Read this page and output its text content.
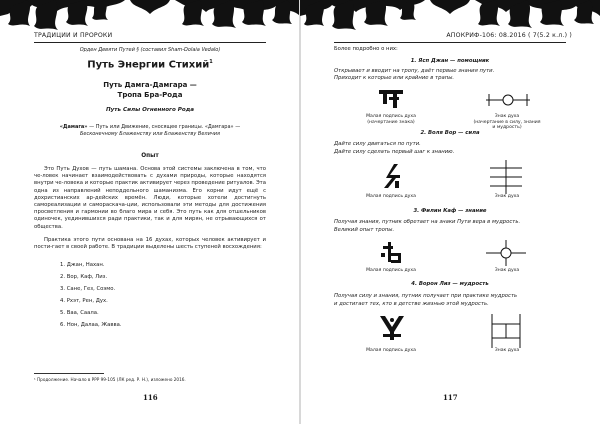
ТРАДИЦИИ И ПРОРОКИ
Орден Девяти Путей § (составил Sham-Dolaia Vedalo)
Путь Энергии Стихий$^1$
Путь Дамга-Дамгара —
Тропа Бра-Рода
Путь Силы Огненного Рода
«Дамага» — Путь или Движение, сносящее границы. «Дамгара» —
Бесконечному Блаженству или Блаженству Величия
Опыт
Это Путь Духов — путь шамана. Основа этой системы заключена в том, что че-ловек начинает взаимодействовать с духами природы, которые находятся внутри че-ловека и которые практик активирует через проведение ритуалов. Эта одна из направлений неподдельного шаманизма. Его корни идут ещё с дохристианских ар-дейских времён. Люди, которые хотели достигнуть самореализации и самораскача-ции, использовали эти методы для достижения просветления и гармонии во благо мира и себя. Это путь как для отшельников одиночек, уединившихся ради практики, так и для мирян, не отрывающихся от общества.
Практика этого пути основана на 16 духах, которых человек активирует и пости-гает в своей работе. В традиции выделены шесть ступеней восхождения:
1. Джан, Нахан.
2. Вор, Каф, Лиз.
3. Сане, Гез, Соэмо.
4. Рхэт, Рен, Дух.
5. Ваа, Саала.
6. Нон, Далаа, Жавва.
¹ Продолжение. Начало в РРР 99-105 (ЛК ред. Р. Н.), изложено 2016.
116
АПОКРИФ-106: 08.2016 ( 7(5.2 к.л.) )
Более подробно о них:
1. Ясп Джан — помощник
Открывает и вводит на тропу, даёт первые знания пути.
Приходит к которые или крайние в трапы.
Малая подпись духа
(начертание знака)
Знак духа
(начертание в силу, знания и мудрость)
2. Воля Вор — сила
Дайте силу двигаться по пути.
Дайте силу сделать первый шаг к знанию.
Малая подпись духа	Знак духа
3. Филин Каф — знание
Получая знания, путник обретает на знаки Пути вера в мудрость.
Великий опыт тропы.
Малая подпись духа	Знак духа
4. Ворон Лиз — мудрость
Получая силу и знания, путник получает при практике мудрость
и достигает тех, кто в детстве жизнью этой мудрость.
Малая подпись духа	Знак духа
117
